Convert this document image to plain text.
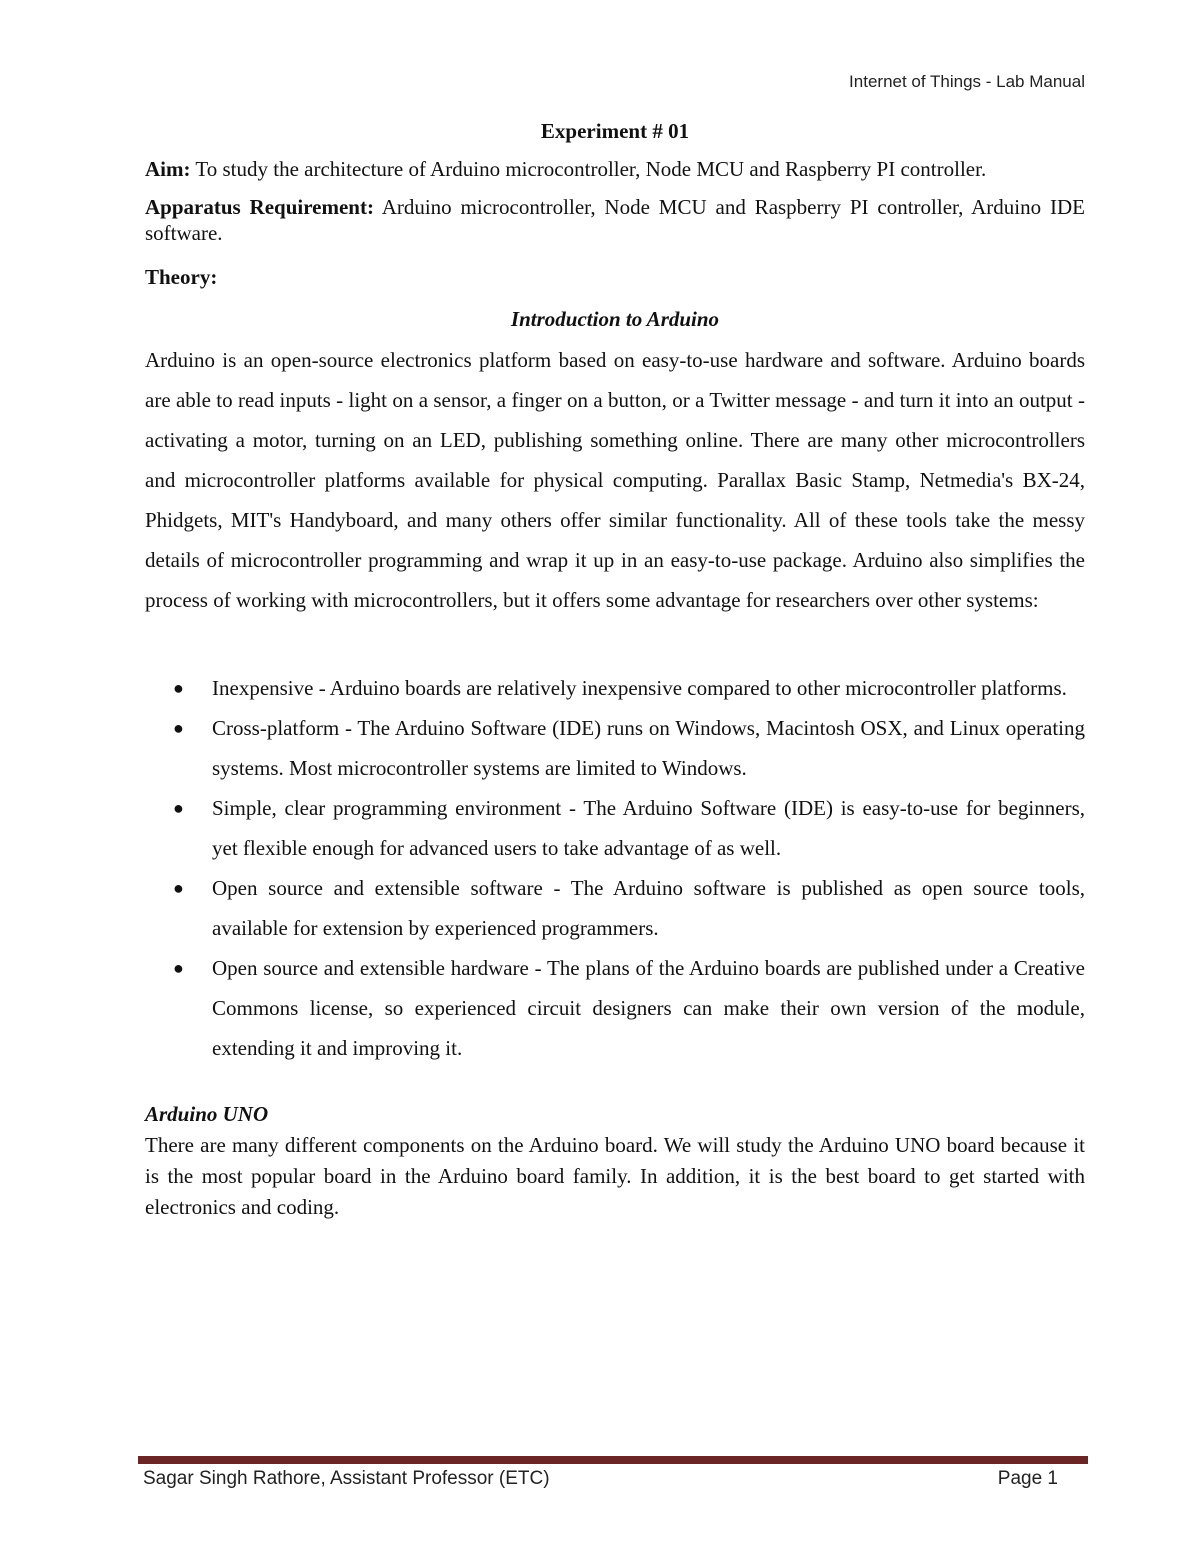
Internet of Things - Lab Manual
Experiment # 01

Aim: To study the architecture of Arduino microcontroller, Node MCU and Raspberry PI controller.

Apparatus Requirement: Arduino microcontroller, Node MCU and Raspberry PI controller, Arduino IDE software.

Theory:
Introduction to Arduino

Arduino is an open-source electronics platform based on easy-to-use hardware and software. Arduino boards are able to read inputs - light on a sensor, a finger on a button, or a Twitter message - and turn it into an output - activating a motor, turning on an LED, publishing something online. There are many other microcontrollers and microcontroller platforms available for physical computing. Parallax Basic Stamp, Netmedia's BX-24, Phidgets, MIT's Handyboard, and many others offer similar functionality. All of these tools take the messy details of microcontroller programming and wrap it up in an easy-to-use package. Arduino also simplifies the process of working with microcontrollers, but it offers some advantage for researchers over other systems:

● Inexpensive - Arduino boards are relatively inexpensive compared to other microcontroller platforms.
● Cross-platform - The Arduino Software (IDE) runs on Windows, Macintosh OSX, and Linux operating systems. Most microcontroller systems are limited to Windows.
● Simple, clear programming environment - The Arduino Software (IDE) is easy-to-use for beginners, yet flexible enough for advanced users to take advantage of as well.
● Open source and extensible software - The Arduino software is published as open source tools, available for extension by experienced programmers.
● Open source and extensible hardware - The plans of the Arduino boards are published under a Creative Commons license, so experienced circuit designers can make their own version of the module, extending it and improving it.
Arduino UNO

There are many different components on the Arduino board. We will study the Arduino UNO board because it is the most popular board in the Arduino board family. In addition, it is the best board to get started with electronics and coding.

Sagar Singh Rathore, Assistant Professor (ETC)	Page 1
